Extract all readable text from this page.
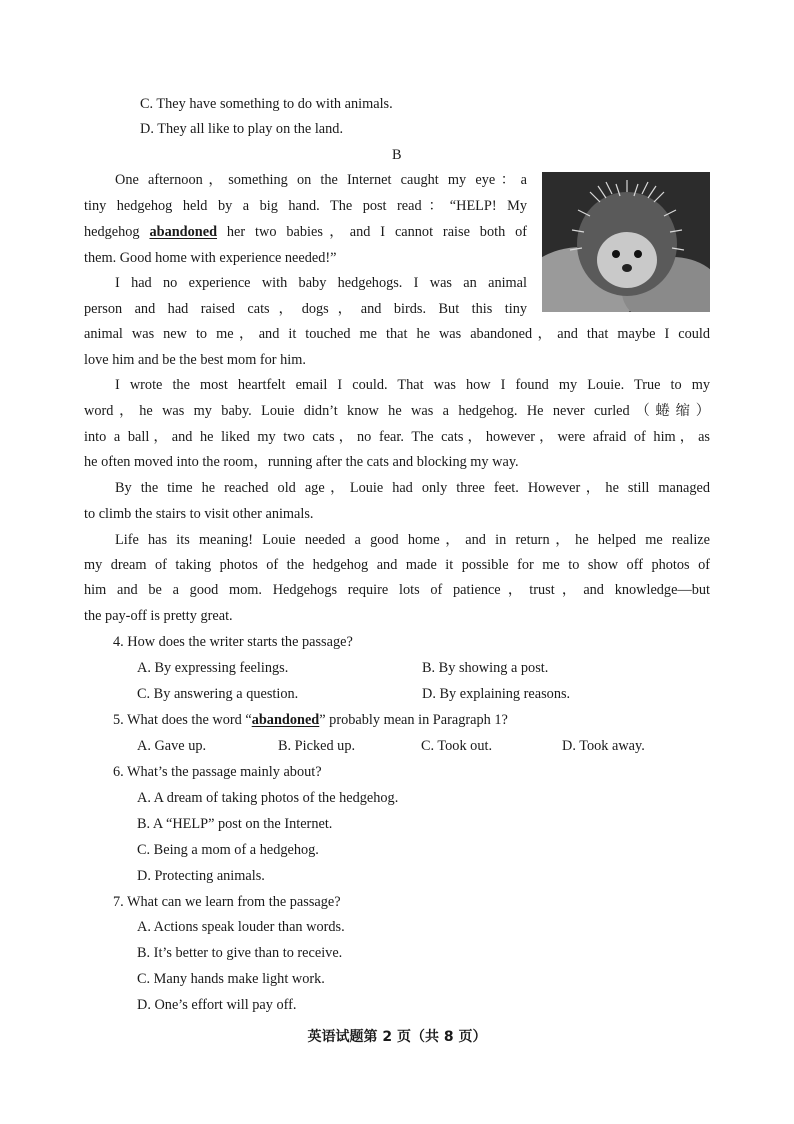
C. They have something to do with animals.
D. They all like to play on the land.
B
One afternoon，something on the Internet caught my eye：a
tiny hedgehog held by a big hand. The post read：“HELP! My
hedgehog abandoned her two babies，and I cannot raise both of
them. Good home with experience needed!”
I had no experience with baby hedgehogs. I was an animal
person and had raised cats，dogs，and birds. But this tiny
animal was new to me，and it touched me that he was abandoned，and that maybe I could
love him and be the best mom for him.
I wrote the most heartfelt email I could. That was how I found my Louie. True to my
word，he was my baby. Louie didn’t know he was a hedgehog. He never curled（蜷缩）
into a ball，and he liked my two cats，no fear. The cats，however，were afraid of him，as
he often moved into the room，running after the cats and blocking my way.
By the time he reached old age，Louie had only three feet. However，he still managed
to climb the stairs to visit other animals.
Life has its meaning! Louie needed a good home，and in return，he helped me realize
my dream of taking photos of the hedgehog and made it possible for me to show off photos of
him and be a good mom. Hedgehogs require lots of patience，trust，and knowledge—but
the pay-off is pretty great.
4. How does the writer starts the passage?
A. By expressing feelings.	B. By showing a post.
C. By answering a question.	D. By explaining reasons.
5. What does the word “abandoned” probably mean in Paragraph 1?
A. Gave up.	B. Picked up.	C. Took out.	D. Took away.
6. What’s the passage mainly about?
A. A dream of taking photos of the hedgehog.
B. A “HELP” post on the Internet.
C. Being a mom of a hedgehog.
D. Protecting animals.
7. What can we learn from the passage?
A. Actions speak louder than words.
B. It’s better to give than to receive.
C. Many hands make light work.
D. One’s effort will pay off.
英语试题第 2 页（共 8 页）
